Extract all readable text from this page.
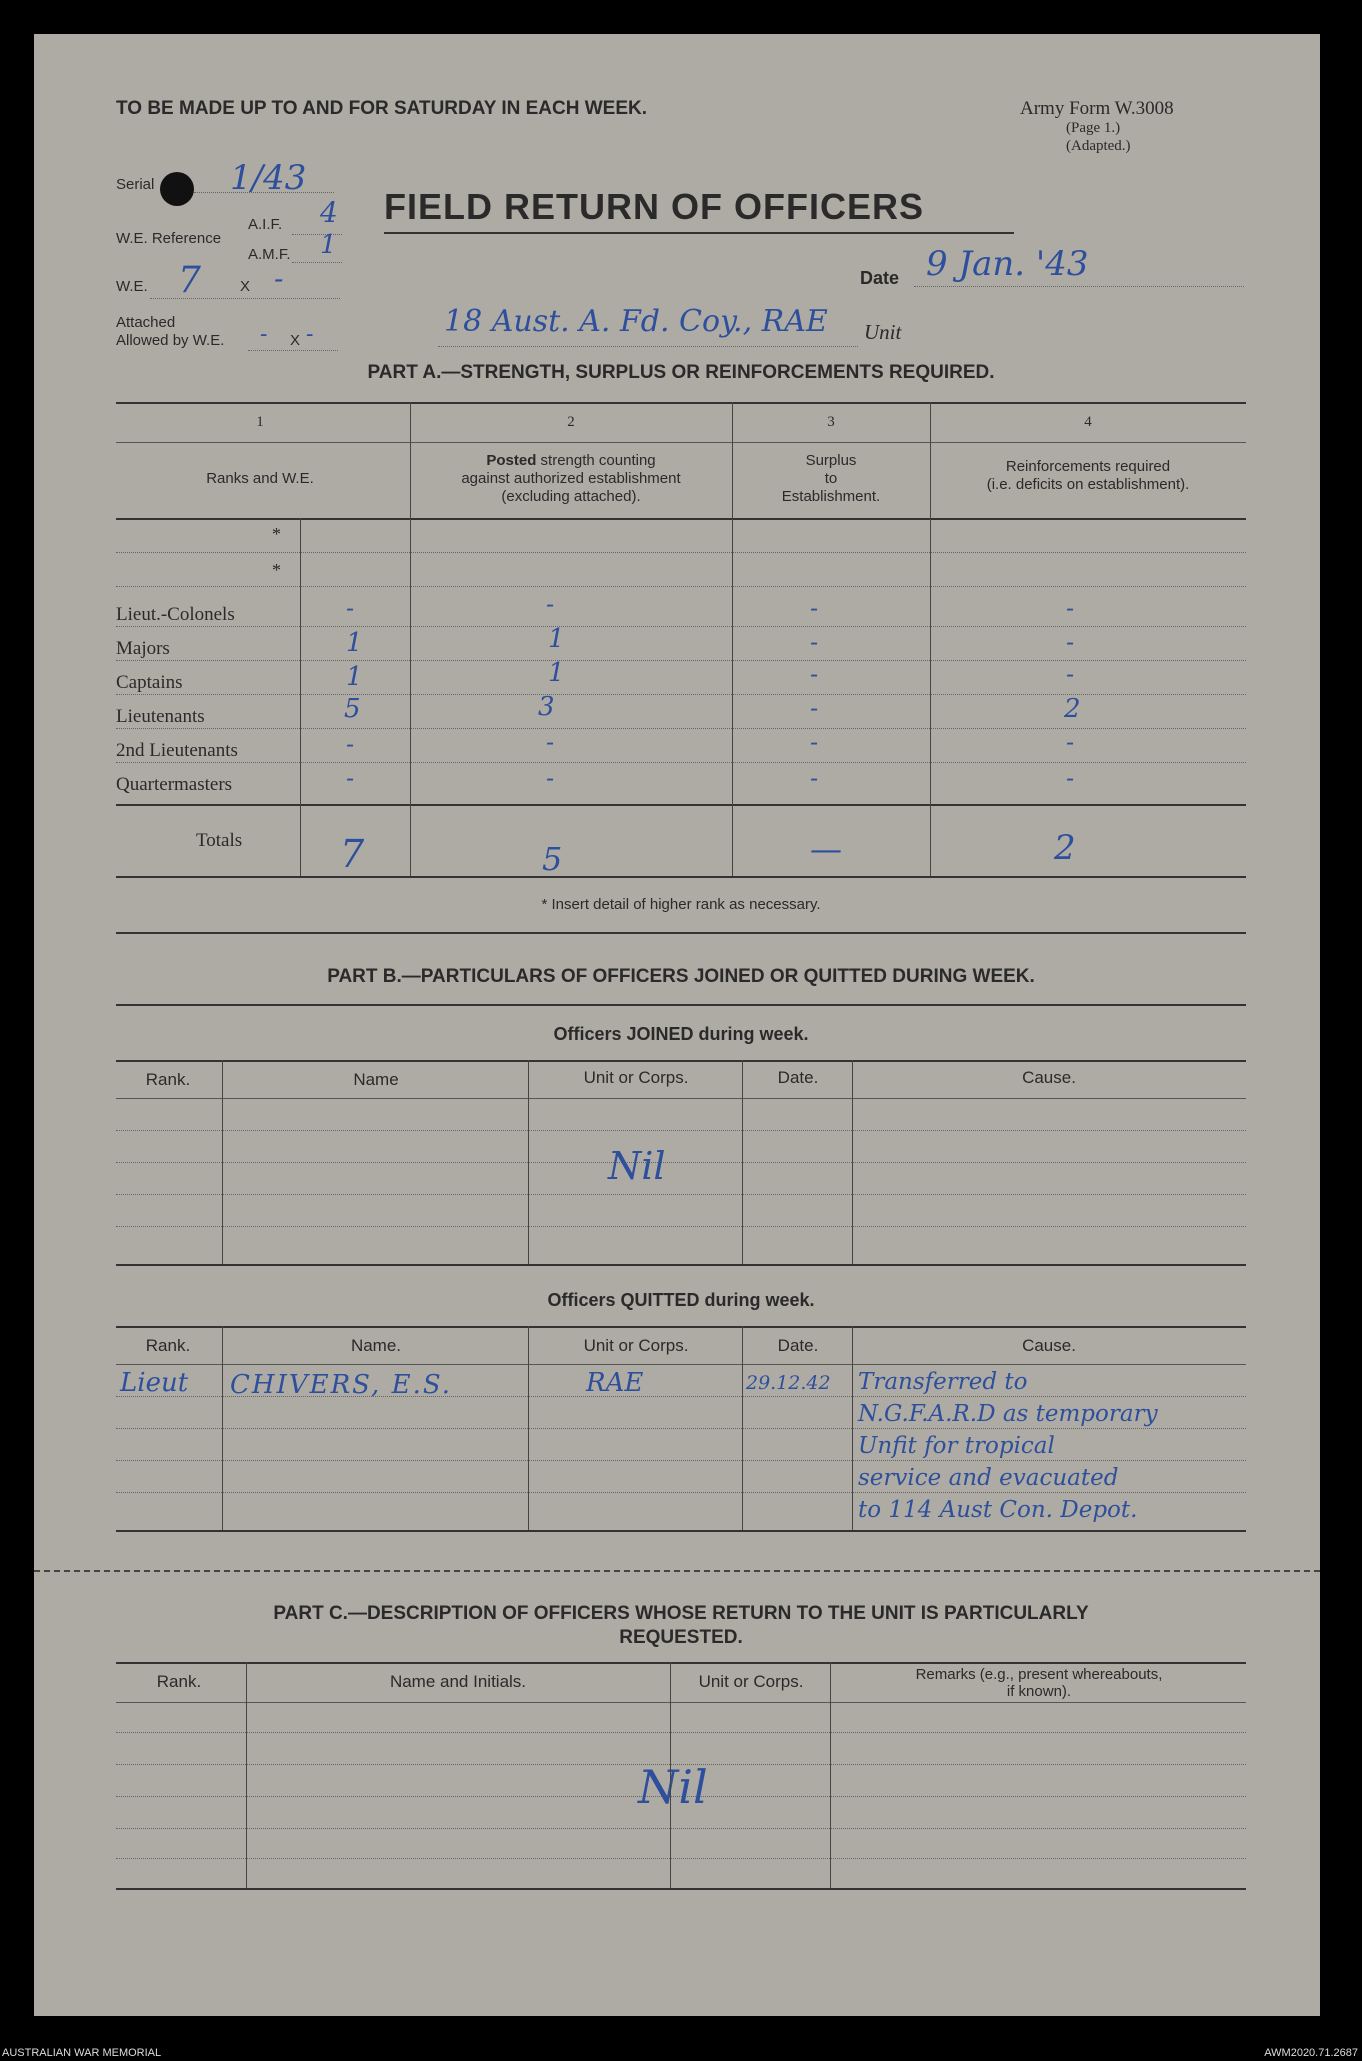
TO BE MADE UP TO AND FOR SATURDAY IN EACH WEEK.	Army Form W.3008
(Page 1.)
(Adapted.)
Serial 1/43
W.E. Reference
A.I.F. 4
A.M.F. 1
W.E. 7	X -
Attached
Allowed by W.E. - X -
FIELD RETURN OF OFFICERS
Date 9 Jan. '43
18 Aust. A. Fd. Coy., RAE Unit
PART A.—STRENGTH, SURPLUS OR REINFORCEMENTS REQUIRED.
1	2	3	4
Ranks and W.E.
Posted strength counting
against authorized establishment
(excluding attached).
Surplus
to
Establishment.
Reinforcements required
(i.e. deficits on establishment).
*
*
Lieut.-Colonels	-	-	-	-
Majors	1	1	-	-
Captains	1	1	-	-
Lieutenants	5	3	-	2
2nd Lieutenants	-	-	-	-
Quartermasters	-	-	-	-
Totals	7	5	—	2
* Insert detail of higher rank as necessary.
PART B.—PARTICULARS OF OFFICERS JOINED OR QUITTED DURING WEEK.
Officers JOINED during week.
Rank.	Name	Unit or Corps.	Date.	Cause.
Nil
Officers QUITTED during week.
Rank.	Name.	Unit or Corps.	Date.	Cause.
Lieut CHIVERS, E.S.	RAE	29.12.42 Transferred to
N.G.F.A.R.D as temporary
Unfit for tropical
service and evacuated
to 114 Aust Con. Depot.
PART C.—DESCRIPTION OF OFFICERS WHOSE RETURN TO THE UNIT IS PARTICULARLY
REQUESTED.
Rank.	Name and Initials.	Unit or Corps.	Remarks (e.g., present whereabouts,
if known).
Nil
AUSTRALIAN WAR MEMORIAL	AWM2020.71.2687
